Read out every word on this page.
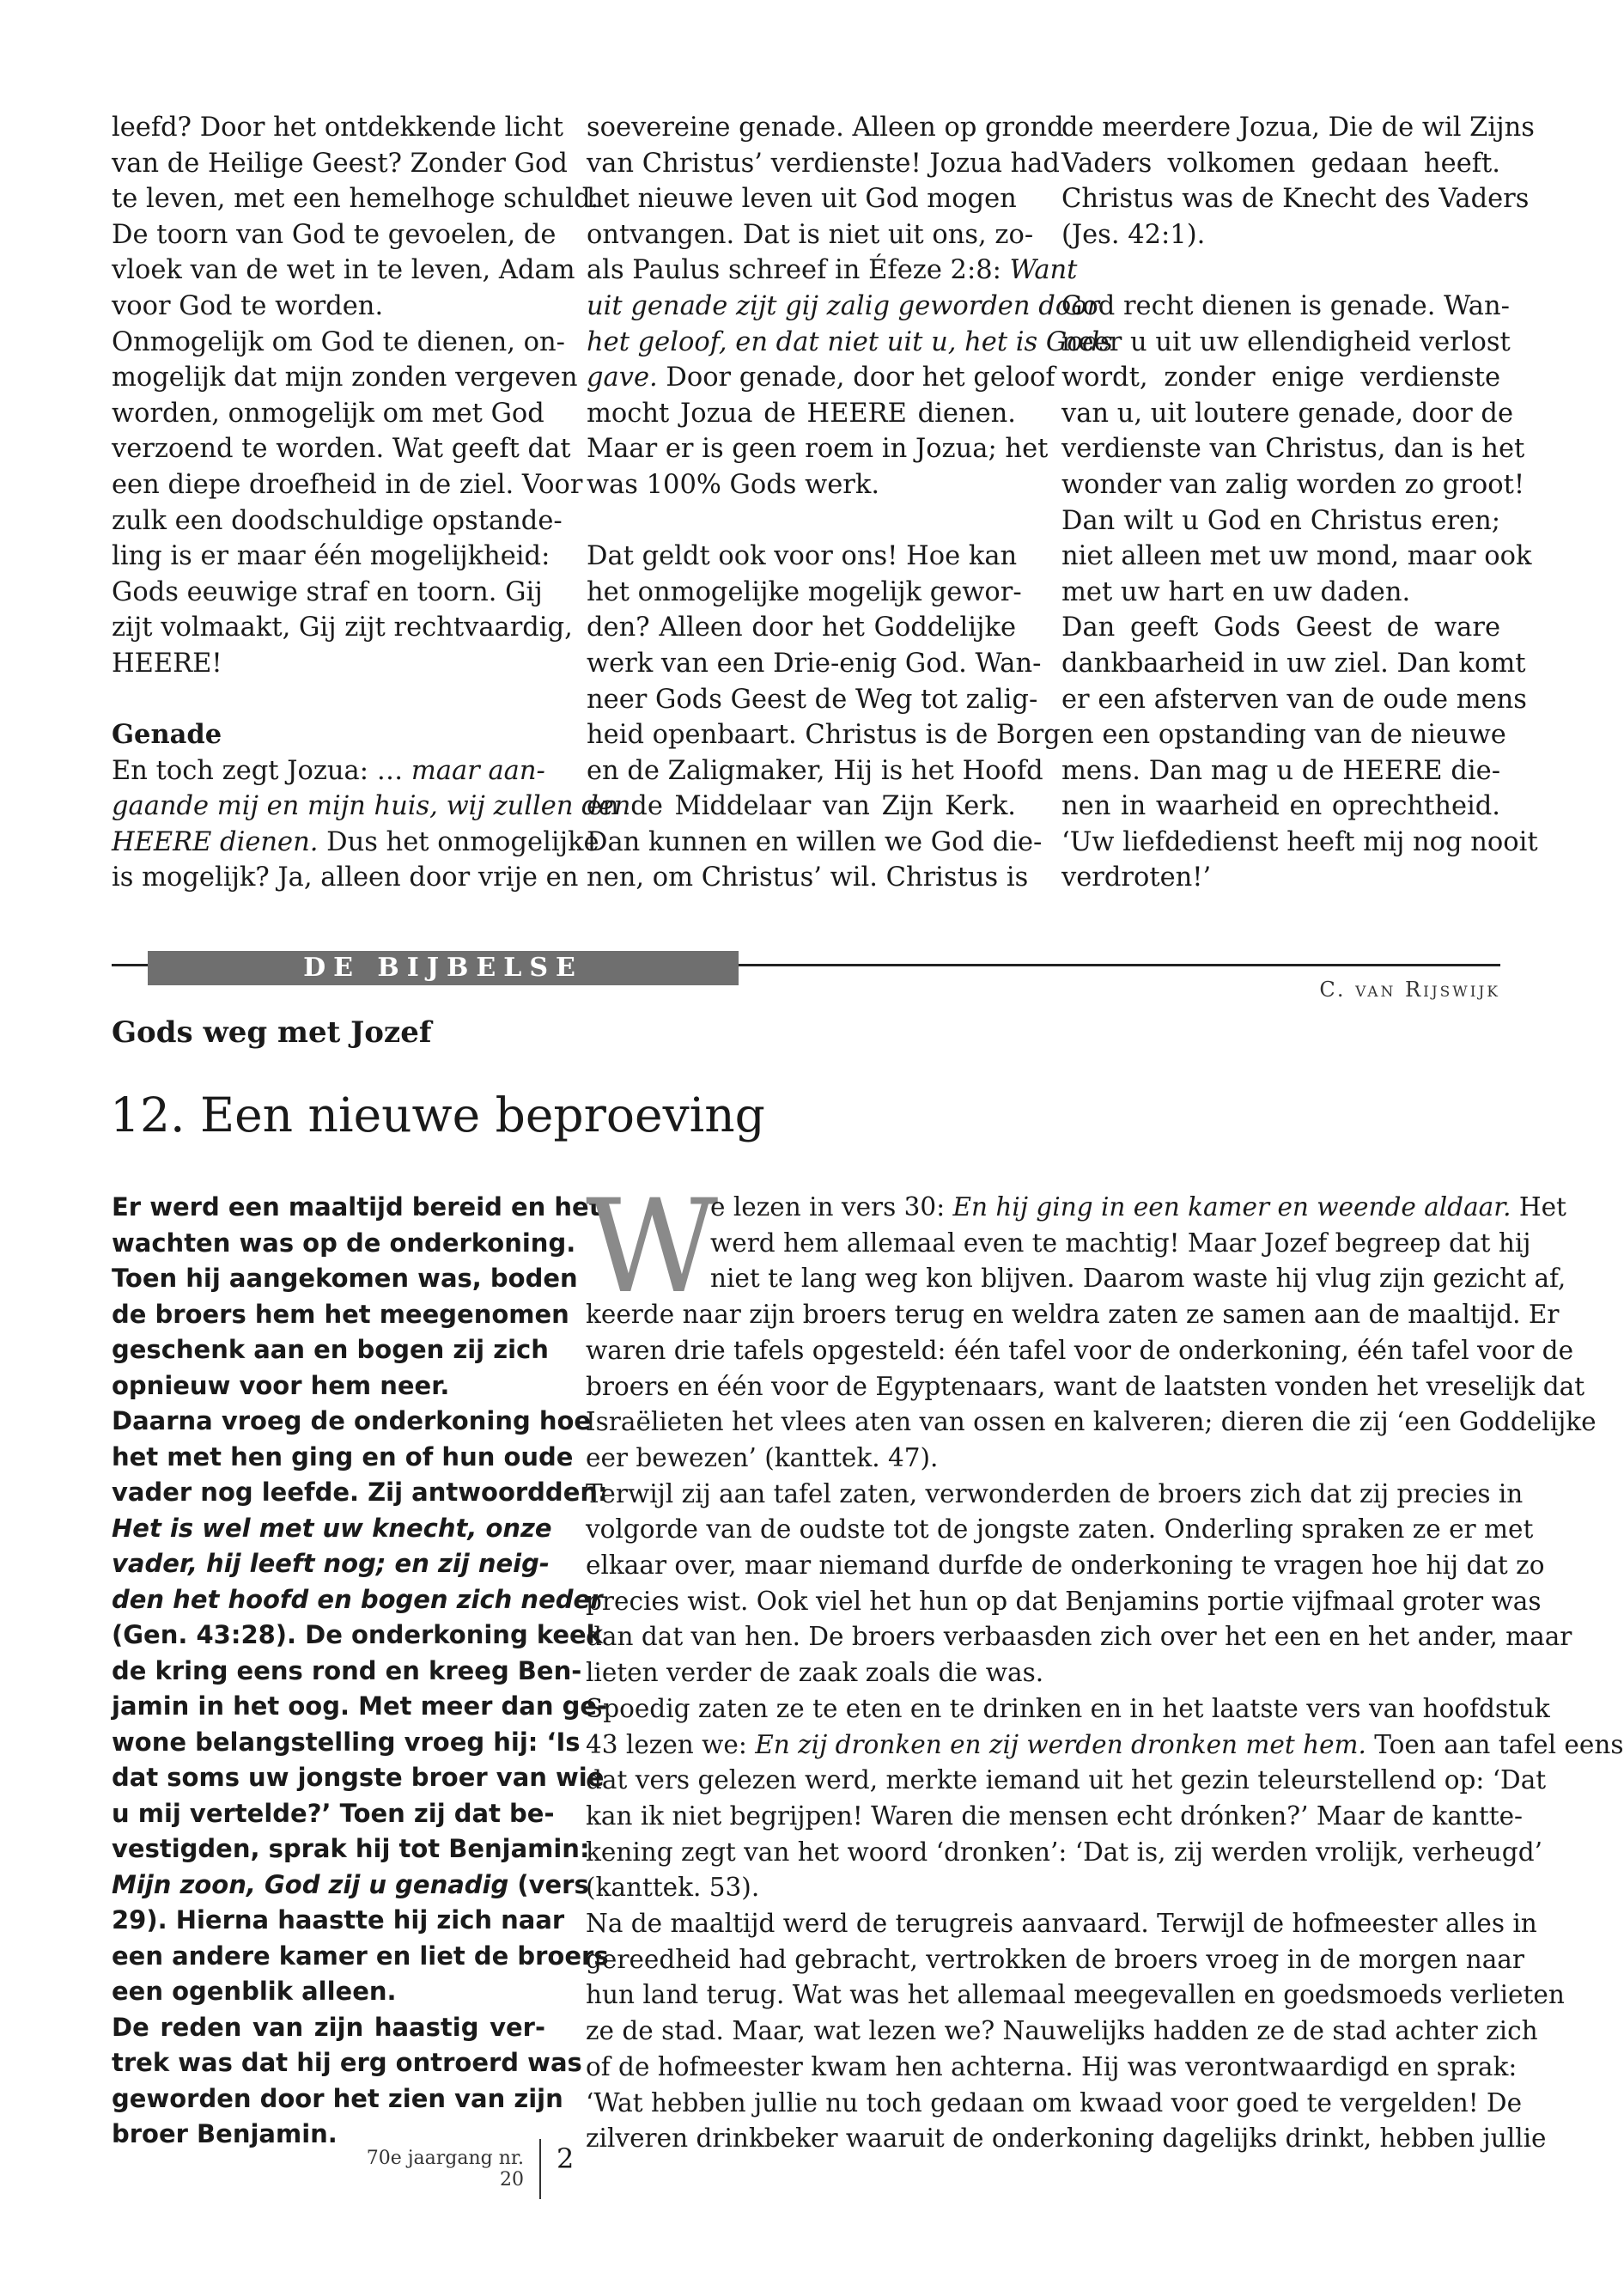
leefd? Door het ontdekkende licht
van de Heilige Geest? Zonder God
te leven, met een hemelhoge schuld.
De toorn van God te gevoelen, de
vloek van de wet in te leven, Adam
voor God te worden.
Onmogelijk om God te dienen, on-
mogelijk dat mijn zonden vergeven
worden, onmogelijk om met God
verzoend te worden. Wat geeft dat
een diepe droefheid in de ziel. Voor
zulk een doodschuldige opstande-
ling is er maar één mogelijkheid:
Gods eeuwige straf en toorn. Gij
zijt volmaakt, Gij zijt rechtvaardig,
HEERE!
Genade
En toch zegt Jozua: … maar aan-
gaande mij en mijn huis, wij zullen den
HEERE dienen. Dus het onmogelijke
is mogelijk? Ja, alleen door vrije en
soevereine genade. Alleen op grond
van Christus’ verdienste! Jozua had
het nieuwe leven uit God mogen
ontvangen. Dat is niet uit ons, zo-
als Paulus schreef in Éfeze 2:8: Want
uit genade zijt gij zalig geworden door
het geloof, en dat niet uit u, het is Gods
gave. Door genade, door het geloof
mocht Jozua de HEERE dienen.
Maar er is geen roem in Jozua; het
was 100% Gods werk.
Dat geldt ook voor ons! Hoe kan
het onmogelijke mogelijk gewor-
den? Alleen door het Goddelijke
werk van een Drie-enig God. Wan-
neer Gods Geest de Weg tot zalig-
heid openbaart. Christus is de Borg
en de Zaligmaker, Hij is het Hoofd
en de Middelaar van Zijn Kerk.
Dan kunnen en willen we God die-
nen, om Christus’ wil. Christus is
de meerdere Jozua, Die de wil Zijns
Vaders volkomen gedaan heeft.
Christus was de Knecht des Vaders
(Jes. 42:1).
God recht dienen is genade. Wan-
neer u uit uw ellendigheid verlost
wordt, zonder enige verdienste
van u, uit loutere genade, door de
verdienste van Christus, dan is het
wonder van zalig worden zo groot!
Dan wilt u God en Christus eren;
niet alleen met uw mond, maar ook
met uw hart en uw daden.
Dan geeft Gods Geest de ware
dankbaarheid in uw ziel. Dan komt
er een afsterven van de oude mens
en een opstanding van de nieuwe
mens. Dan mag u de HEERE die-
nen in waarheid en oprechtheid.
‘Uw liefdedienst heeft mij nog nooit
verdroten!’
DE BIJBELSE GESCHIEDENIS	C. van Rijswijk
Gods weg met Jozef
12. Een nieuwe beproeving
Er werd een maaltijd bereid en het
wachten was op de onderkoning.
Toen hij aangekomen was, boden
de broers hem het meegenomen
geschenk aan en bogen zij zich
opnieuw voor hem neer.
Daarna vroeg de onderkoning hoe
het met hen ging en of hun oude
vader nog leefde. Zij antwoordden:
Het is wel met uw knecht, onze
vader, hij leeft nog; en zij neig-
den het hoofd en bogen zich neder
(Gen. 43:28). De onderkoning keek
de kring eens rond en kreeg Ben-
jamin in het oog. Met meer dan ge-
wone belangstelling vroeg hij: ‘Is
dat soms uw jongste broer van wie
u mij vertelde?’ Toen zij dat be-
vestigden, sprak hij tot Benjamin:
Mijn zoon, God zij u genadig (vers
29). Hierna haastte hij zich naar
een andere kamer en liet de broers
een ogenblik alleen.
De reden van zijn haastig ver-
trek was dat hij erg ontroerd was
geworden door het zien van zijn
broer Benjamin.
W
e lezen in vers 30: En hij ging in een kamer en weende aldaar. Het
werd hem allemaal even te machtig! Maar Jozef begreep dat hij
niet te lang weg kon blijven. Daarom waste hij vlug zijn gezicht af,
keerde naar zijn broers terug en weldra zaten ze samen aan de maaltijd. Er
waren drie tafels opgesteld: één tafel voor de onderkoning, één tafel voor de
broers en één voor de Egyptenaars, want de laatsten vonden het vreselijk dat
Israëlieten het vlees aten van ossen en kalveren; dieren die zij ‘een Goddelijke
eer bewezen’ (kanttek. 47).
Terwijl zij aan tafel zaten, verwonderden de broers zich dat zij precies in
volgorde van de oudste tot de jongste zaten. Onderling spraken ze er met
elkaar over, maar niemand durfde de onderkoning te vragen hoe hij dat zo
precies wist. Ook viel het hun op dat Benjamins portie vijfmaal groter was
dan dat van hen. De broers verbaasden zich over het een en het ander, maar
lieten verder de zaak zoals die was.
Spoedig zaten ze te eten en te drinken en in het laatste vers van hoofdstuk
43 lezen we: En zij dronken en zij werden dronken met hem. Toen aan tafel eens
dat vers gelezen werd, merkte iemand uit het gezin teleurstellend op: ‘Dat
kan ik niet begrijpen! Waren die mensen echt drónken?’ Maar de kantte-
kening zegt van het woord ‘dronken’: ‘Dat is, zij werden vrolijk, verheugd’
(kanttek. 53).
Na de maaltijd werd de terugreis aanvaard. Terwijl de hofmeester alles in
gereedheid had gebracht, vertrokken de broers vroeg in de morgen naar
hun land terug. Wat was het allemaal meegevallen en goedsmoeds verlieten
ze de stad. Maar, wat lezen we? Nauwelijks hadden ze de stad achter zich
of de hofmeester kwam hen achterna. Hij was verontwaardigd en sprak:
‘Wat hebben jullie nu toch gedaan om kwaad voor goed te vergelden! De
zilveren drinkbeker waaruit de onderkoning dagelijks drinkt, hebben jullie
70e jaargang nr. 20
2
